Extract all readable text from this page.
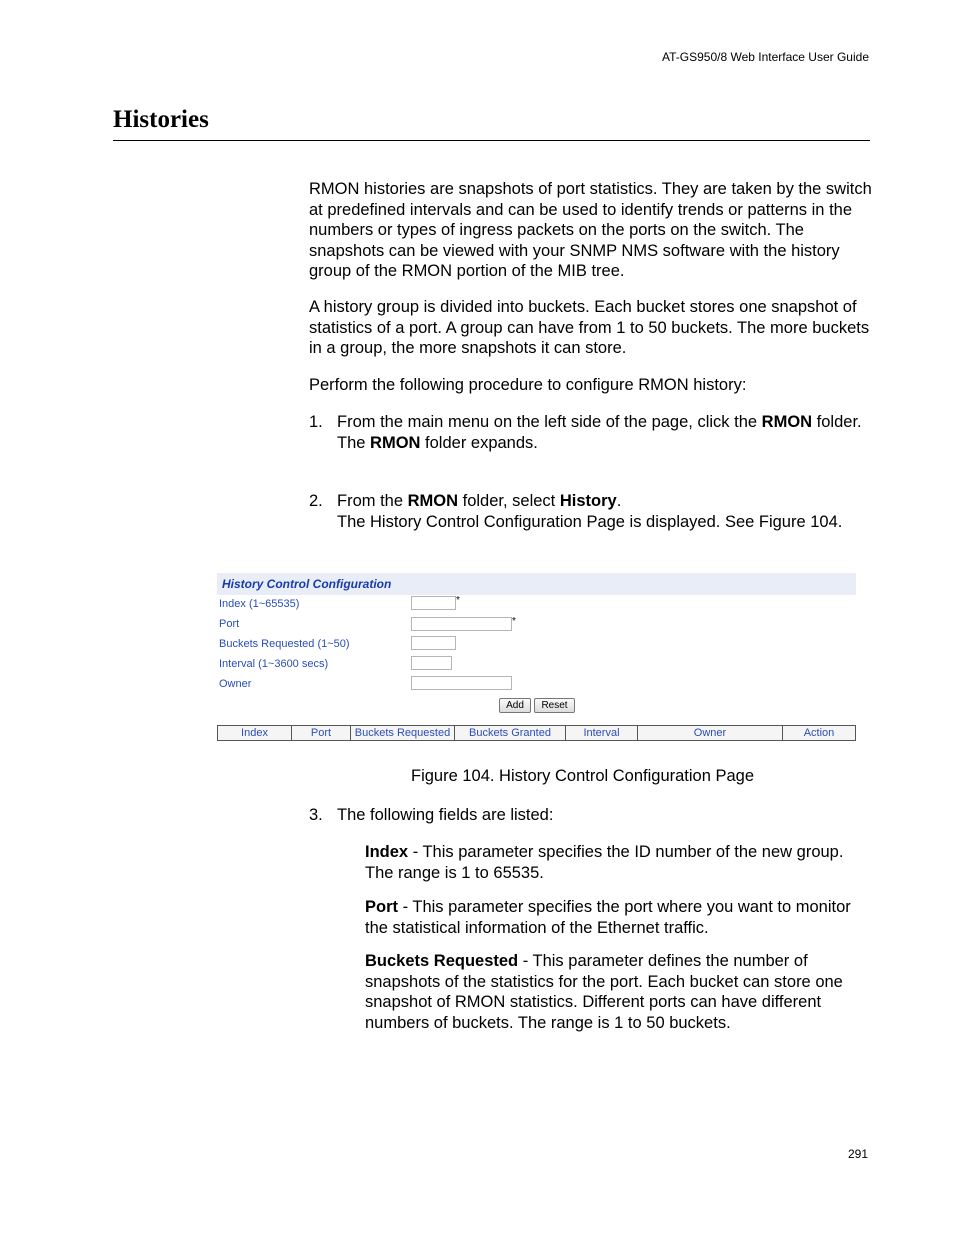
AT-GS950/8 Web Interface User Guide
Histories
RMON histories are snapshots of port statistics. They are taken by the switch at predefined intervals and can be used to identify trends or patterns in the numbers or types of ingress packets on the ports on the switch. The snapshots can be viewed with your SNMP NMS software with the history group of the RMON portion of the MIB tree.
A history group is divided into buckets. Each bucket stores one snapshot of statistics of a port. A group can have from 1 to 50 buckets. The more buckets in a group, the more snapshots it can store.
Perform the following procedure to configure RMON history:
1. From the main menu on the left side of the page, click the RMON folder.
The RMON folder expands.
2. From the RMON folder, select History.
The History Control Configuration Page is displayed. See Figure 104.
History Control Configuration
Index (1~65535)	*
Port	*
Buckets Requested (1~50)
Interval (1~3600 secs)
Owner
Add	Reset
Index	Port	Buckets Requested	Buckets Granted	Interval	Owner	Action
Figure 104. History Control Configuration Page
3. The following fields are listed:
Index - This parameter specifies the ID number of the new group. The range is 1 to 65535.
Port - This parameter specifies the port where you want to monitor the statistical information of the Ethernet traffic.
Buckets Requested - This parameter defines the number of snapshots of the statistics for the port. Each bucket can store one snapshot of RMON statistics. Different ports can have different numbers of buckets. The range is 1 to 50 buckets.
291
